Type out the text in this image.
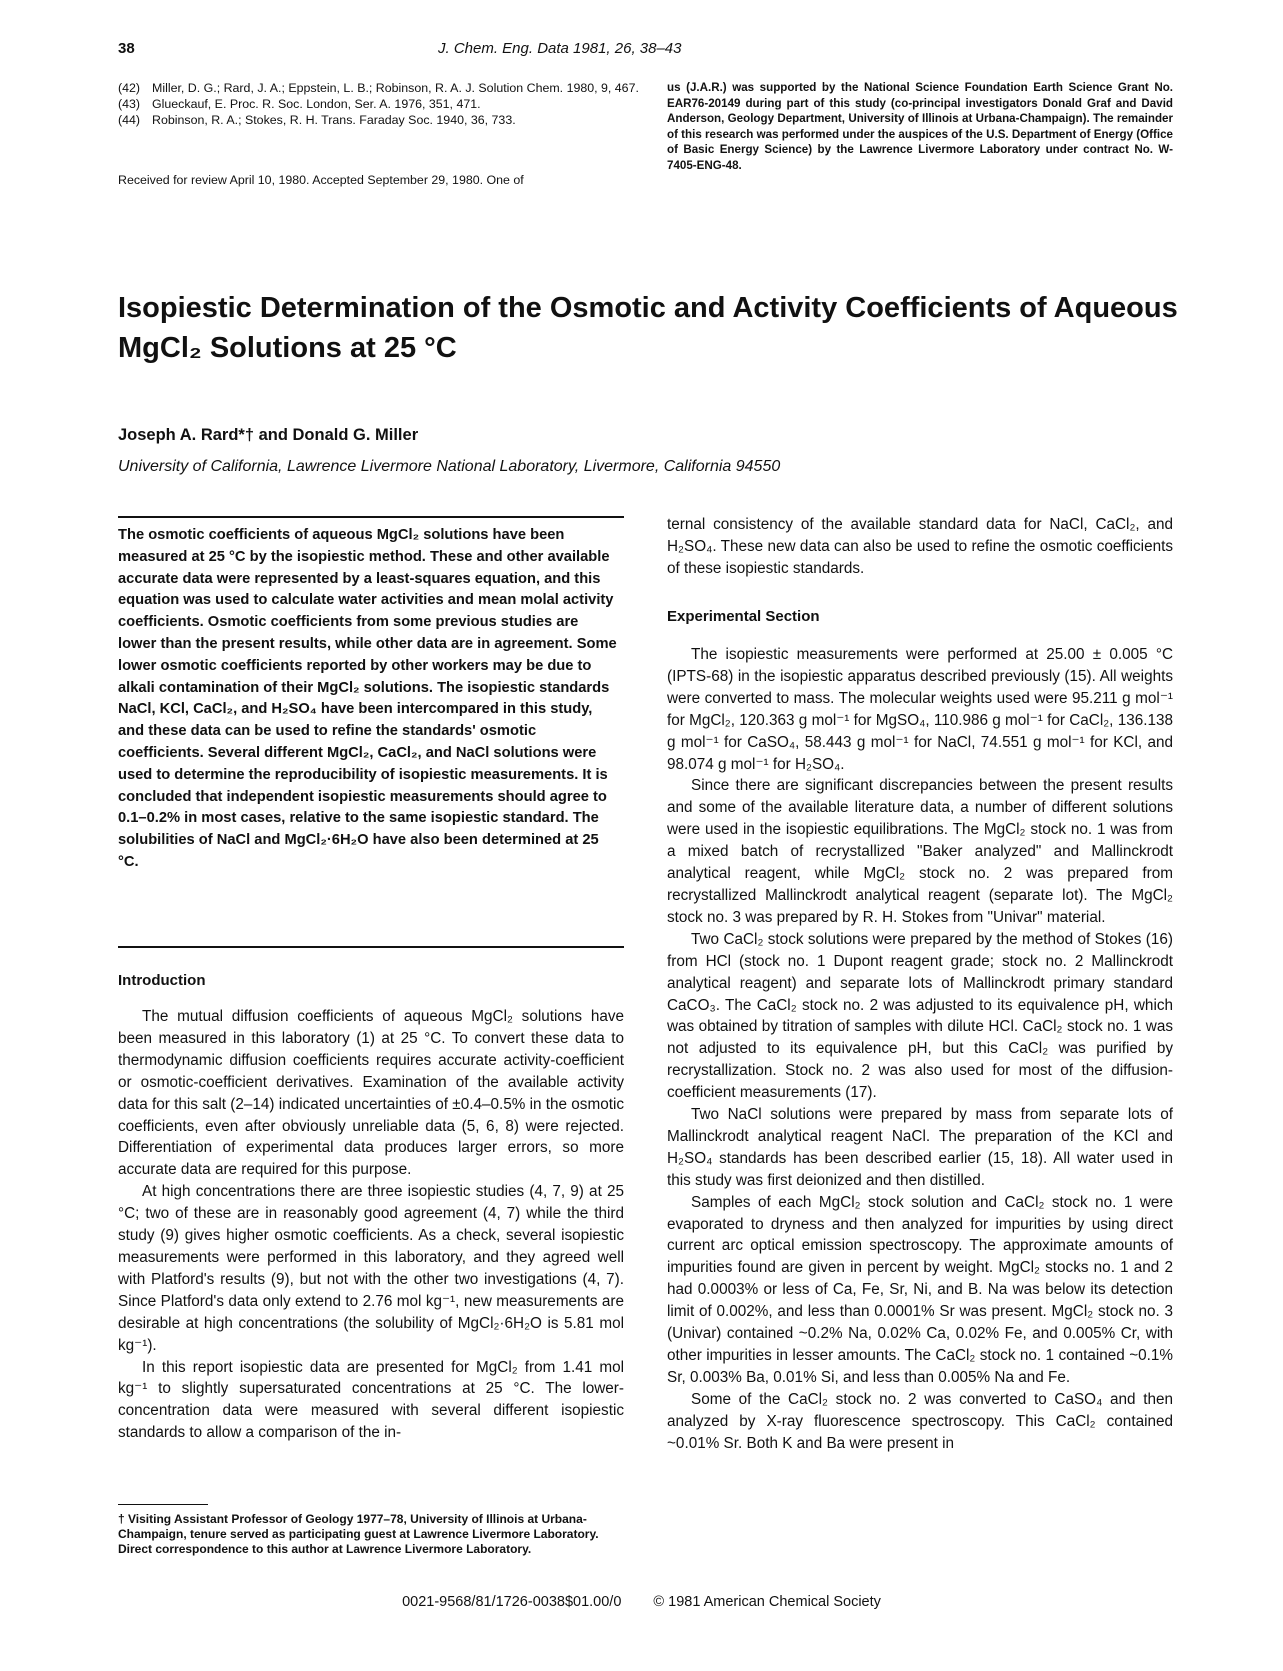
38	J. Chem. Eng. Data 1981, 26, 38–43
(42) Miller, D. G.; Rard, J. A.; Eppstein, L. B.; Robinson, R. A. J. Solution Chem. 1980, 9, 467.
(43) Glueckauf, E. Proc. R. Soc. London, Ser. A. 1976, 351, 471.
(44) Robinson, R. A.; Stokes, R. H. Trans. Faraday Soc. 1940, 36, 733.
Received for review April 10, 1980. Accepted September 29, 1980. One of
us (J.A.R.) was supported by the National Science Foundation Earth Science Grant No. EAR76-20149 during part of this study (co-principal investigators Donald Graf and David Anderson, Geology Department, University of Illinois at Urbana-Champaign). The remainder of this research was performed under the auspices of the U.S. Department of Energy (Office of Basic Energy Science) by the Lawrence Livermore Laboratory under contract No. W-7405-ENG-48.
Isopiestic Determination of the Osmotic and Activity Coefficients of Aqueous MgCl₂ Solutions at 25 °C
Joseph A. Rard*† and Donald G. Miller
University of California, Lawrence Livermore National Laboratory, Livermore, California 94550
The osmotic coefficients of aqueous MgCl₂ solutions have been measured at 25 °C by the isopiestic method. These and other available accurate data were represented by a least-squares equation, and this equation was used to calculate water activities and mean molal activity coefficients. Osmotic coefficients from some previous studies are lower than the present results, while other data are in agreement. Some lower osmotic coefficients reported by other workers may be due to alkali contamination of their MgCl₂ solutions. The isopiestic standards NaCl, KCl, CaCl₂, and H₂SO₄ have been intercompared in this study, and these data can be used to refine the standards' osmotic coefficients. Several different MgCl₂, CaCl₂, and NaCl solutions were used to determine the reproducibility of isopiestic measurements. It is concluded that independent isopiestic measurements should agree to 0.1–0.2% in most cases, relative to the same isopiestic standard. The solubilities of NaCl and MgCl₂·6H₂O have also been determined at 25 °C.
Introduction

The mutual diffusion coefficients of aqueous MgCl₂ solutions have been measured in this laboratory (1) at 25 °C. To convert these data to thermodynamic diffusion coefficients requires accurate activity-coefficient or osmotic-coefficient derivatives. Examination of the available activity data for this salt (2–14) indicated uncertainties of ±0.4–0.5% in the osmotic coefficients, even after obviously unreliable data (5, 6, 8) were rejected. Differentiation of experimental data produces larger errors, so more accurate data are required for this purpose.

At high concentrations there are three isopiestic studies (4, 7, 9) at 25 °C; two of these are in reasonably good agreement (4, 7) while the third study (9) gives higher osmotic coefficients. As a check, several isopiestic measurements were performed in this laboratory, and they agreed well with Platford's results (9), but not with the other two investigations (4, 7). Since Platford's data only extend to 2.76 mol kg⁻¹, new measurements are desirable at high concentrations (the solubility of MgCl₂·6H₂O is 5.81 mol kg⁻¹).

In this report isopiestic data are presented for MgCl₂ from 1.41 mol kg⁻¹ to slightly supersaturated concentrations at 25 °C. The lower-concentration data were measured with several different isopiestic standards to allow a comparison of the in-

† Visiting Assistant Professor of Geology 1977–78, University of Illinois at Urbana-Champaign, tenure served as participating guest at Lawrence Livermore Laboratory. Direct correspondence to this author at Lawrence Livermore Laboratory.
ternal consistency of the available standard data for NaCl, CaCl₂, and H₂SO₄. These new data can also be used to refine the osmotic coefficients of these isopiestic standards.
Experimental Section

The isopiestic measurements were performed at 25.00 ± 0.005 °C (IPTS-68) in the isopiestic apparatus described previously (15). All weights were converted to mass. The molecular weights used were 95.211 g mol⁻¹ for MgCl₂, 120.363 g mol⁻¹ for MgSO₄, 110.986 g mol⁻¹ for CaCl₂, 136.138 g mol⁻¹ for CaSO₄, 58.443 g mol⁻¹ for NaCl, 74.551 g mol⁻¹ for KCl, and 98.074 g mol⁻¹ for H₂SO₄.

Since there are significant discrepancies between the present results and some of the available literature data, a number of different solutions were used in the isopiestic equilibrations. The MgCl₂ stock no. 1 was from a mixed batch of recrystallized "Baker analyzed" and Mallinckrodt analytical reagent, while MgCl₂ stock no. 2 was prepared from recrystallized Mallinckrodt analytical reagent (separate lot). The MgCl₂ stock no. 3 was prepared by R. H. Stokes from "Univar" material.

Two CaCl₂ stock solutions were prepared by the method of Stokes (16) from HCl (stock no. 1 Dupont reagent grade; stock no. 2 Mallinckrodt analytical reagent) and separate lots of Mallinckrodt primary standard CaCO₃. The CaCl₂ stock no. 2 was adjusted to its equivalence pH, which was obtained by titration of samples with dilute HCl. CaCl₂ stock no. 1 was not adjusted to its equivalence pH, but this CaCl₂ was purified by recrystallization. Stock no. 2 was also used for most of the diffusion-coefficient measurements (17).

Two NaCl solutions were prepared by mass from separate lots of Mallinckrodt analytical reagent NaCl. The preparation of the KCl and H₂SO₄ standards has been described earlier (15, 18). All water used in this study was first deionized and then distilled.

Samples of each MgCl₂ stock solution and CaCl₂ stock no. 1 were evaporated to dryness and then analyzed for impurities by using direct current arc optical emission spectroscopy. The approximate amounts of impurities found are given in percent by weight. MgCl₂ stocks no. 1 and 2 had 0.0003% or less of Ca, Fe, Sr, Ni, and B. Na was below its detection limit of 0.002%, and less than 0.0001% Sr was present. MgCl₂ stock no. 3 (Univar) contained ~0.2% Na, 0.02% Ca, 0.02% Fe, and 0.005% Cr, with other impurities in lesser amounts. The CaCl₂ stock no. 1 contained ~0.1% Sr, 0.003% Ba, 0.01% Si, and less than 0.005% Na and Fe.

Some of the CaCl₂ stock no. 2 was converted to CaSO₄ and then analyzed by X-ray fluorescence spectroscopy. This CaCl₂ contained ~0.01% Sr. Both K and Ba were present in

0021-9568/81/1726-0038$01.00/0 © 1981 American Chemical Society
